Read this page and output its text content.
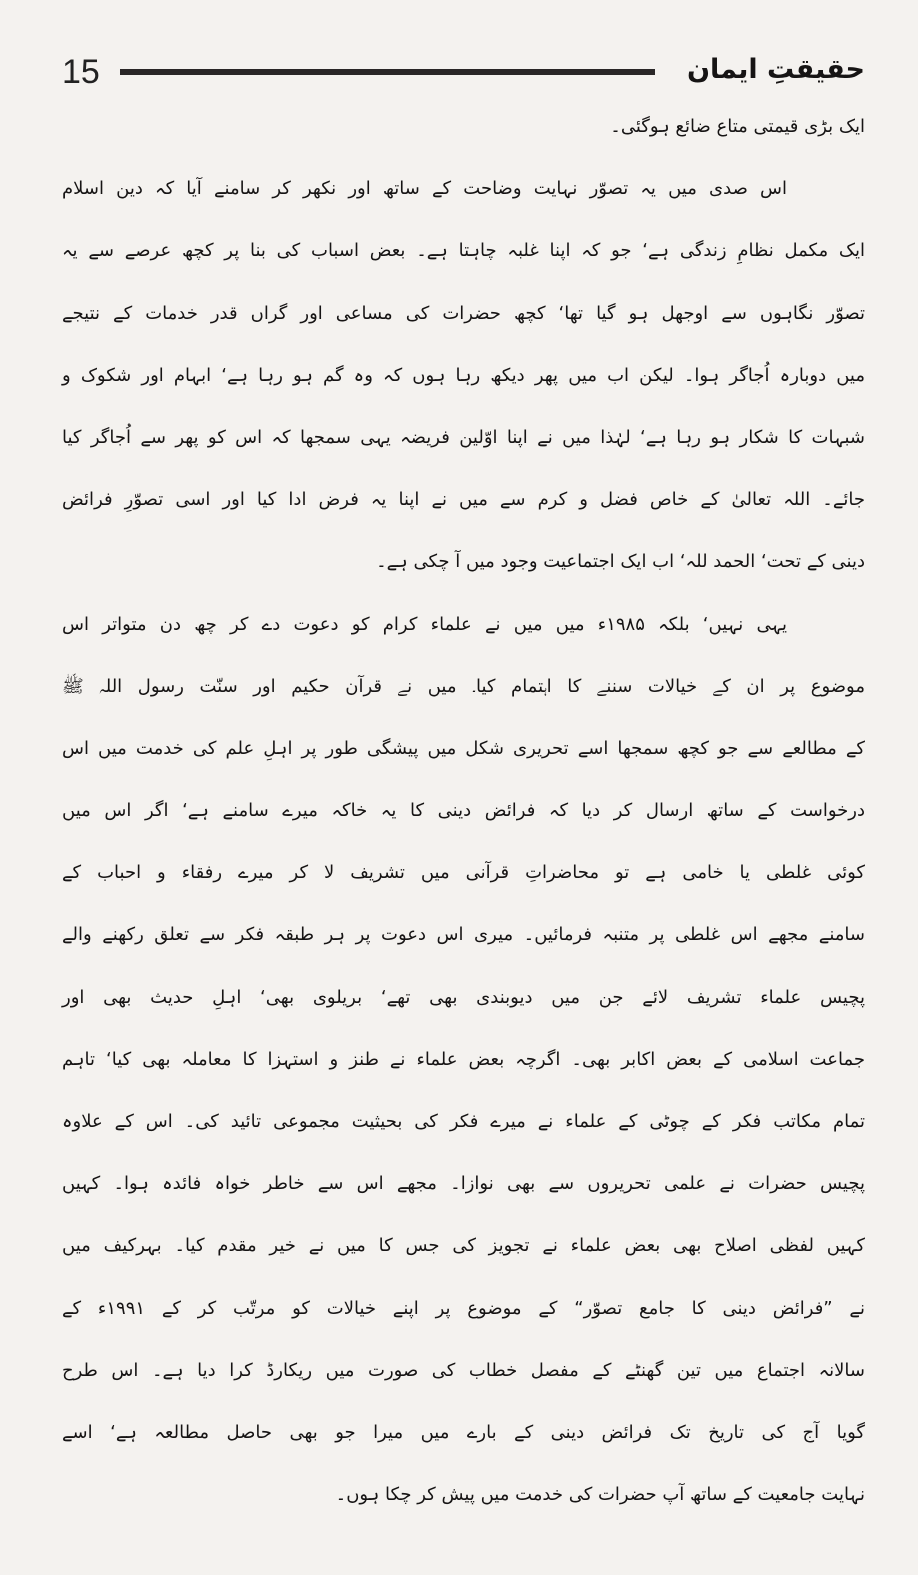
15	حقیقتِ ایمان
ایک بڑی قیمتی متاع ضائع ہوگئی۔
اس صدی میں یہ تصوّر نہایت وضاحت کے ساتھ اور نکھر کر سامنے آیا کہ دین اسلام
ایک مکمل نظامِ زندگی ہے‘ جو کہ اپنا غلبہ چاہتا ہے۔ بعض اسباب کی بنا پر کچھ عرصے سے یہ
تصوّر نگاہوں سے اوجھل ہو گیا تھا‘ کچھ حضرات کی مساعی اور گراں قدر خدمات کے نتیجے
میں دوبارہ اُجاگر ہوا۔ لیکن اب میں پھر دیکھ رہا ہوں کہ وہ گم ہو رہا ہے‘ ابہام اور شکوک و
شبہات کا شکار ہو رہا ہے‘ لہٰذا میں نے اپنا اوّلین فریضہ یہی سمجھا کہ اس کو پھر سے اُجاگر کیا
جائے۔ اللہ تعالیٰ کے خاص فضل و کرم سے میں نے اپنا یہ فرض ادا کیا اور اسی تصوّرِ فرائض
دینی کے تحت‘ الحمد للہ‘ اب ایک اجتماعیت وجود میں آ چکی ہے۔
یہی نہیں‘ بلکہ ۱۹۸۵ء میں میں نے علماء کرام کو دعوت دے کر چھ دن متواتر اس
موضوع پر ان کے خیالات سننے کا اہتمام کیا۔ میں نے قرآن حکیم اور سنّت رسول اللہ ﷺ
کے مطالعے سے جو کچھ سمجھا اسے تحریری شکل میں پیشگی طور پر اہلِ علم کی خدمت میں اس
درخواست کے ساتھ ارسال کر دیا کہ فرائض دینی کا یہ خاکہ میرے سامنے ہے‘ اگر اس میں
کوئی غلطی یا خامی ہے تو محاضراتِ قرآنی میں تشریف لا کر میرے رفقاء و احباب کے
سامنے مجھے اس غلطی پر متنبہ فرمائیں۔ میری اس دعوت پر ہر طبقہ فکر سے تعلق رکھنے والے
پچیس علماء تشریف لائے جن میں دیوبندی بھی تھے‘ بریلوی بھی‘ اہلِ حدیث بھی اور
جماعت اسلامی کے بعض اکابر بھی۔ اگرچہ بعض علماء نے طنز و استہزا کا معاملہ بھی کیا‘ تاہم
تمام مکاتب فکر کے چوٹی کے علماء نے میرے فکر کی بحیثیت مجموعی تائید کی۔ اس کے علاوہ
پچیس حضرات نے علمی تحریروں سے بھی نوازا۔ مجھے اس سے خاطر خواہ فائدہ ہوا۔ کہیں
کہیں لفظی اصلاح بھی بعض علماء نے تجویز کی جس کا میں نے خیر مقدم کیا۔ بہرکیف میں
نے ”فرائض دینی کا جامع تصوّر“ کے موضوع پر اپنے خیالات کو مرتّب کر کے ۱۹۹۱ء کے
سالانہ اجتماع میں تین گھنٹے کے مفصل خطاب کی صورت میں ریکارڈ کرا دیا ہے۔ اس طرح
گویا آج کی تاریخ تک فرائض دینی کے بارے میں میرا جو بھی حاصل مطالعہ ہے‘ اسے
نہایت جامعیت کے ساتھ آپ حضرات کی خدمت میں پیش کر چکا ہوں۔
